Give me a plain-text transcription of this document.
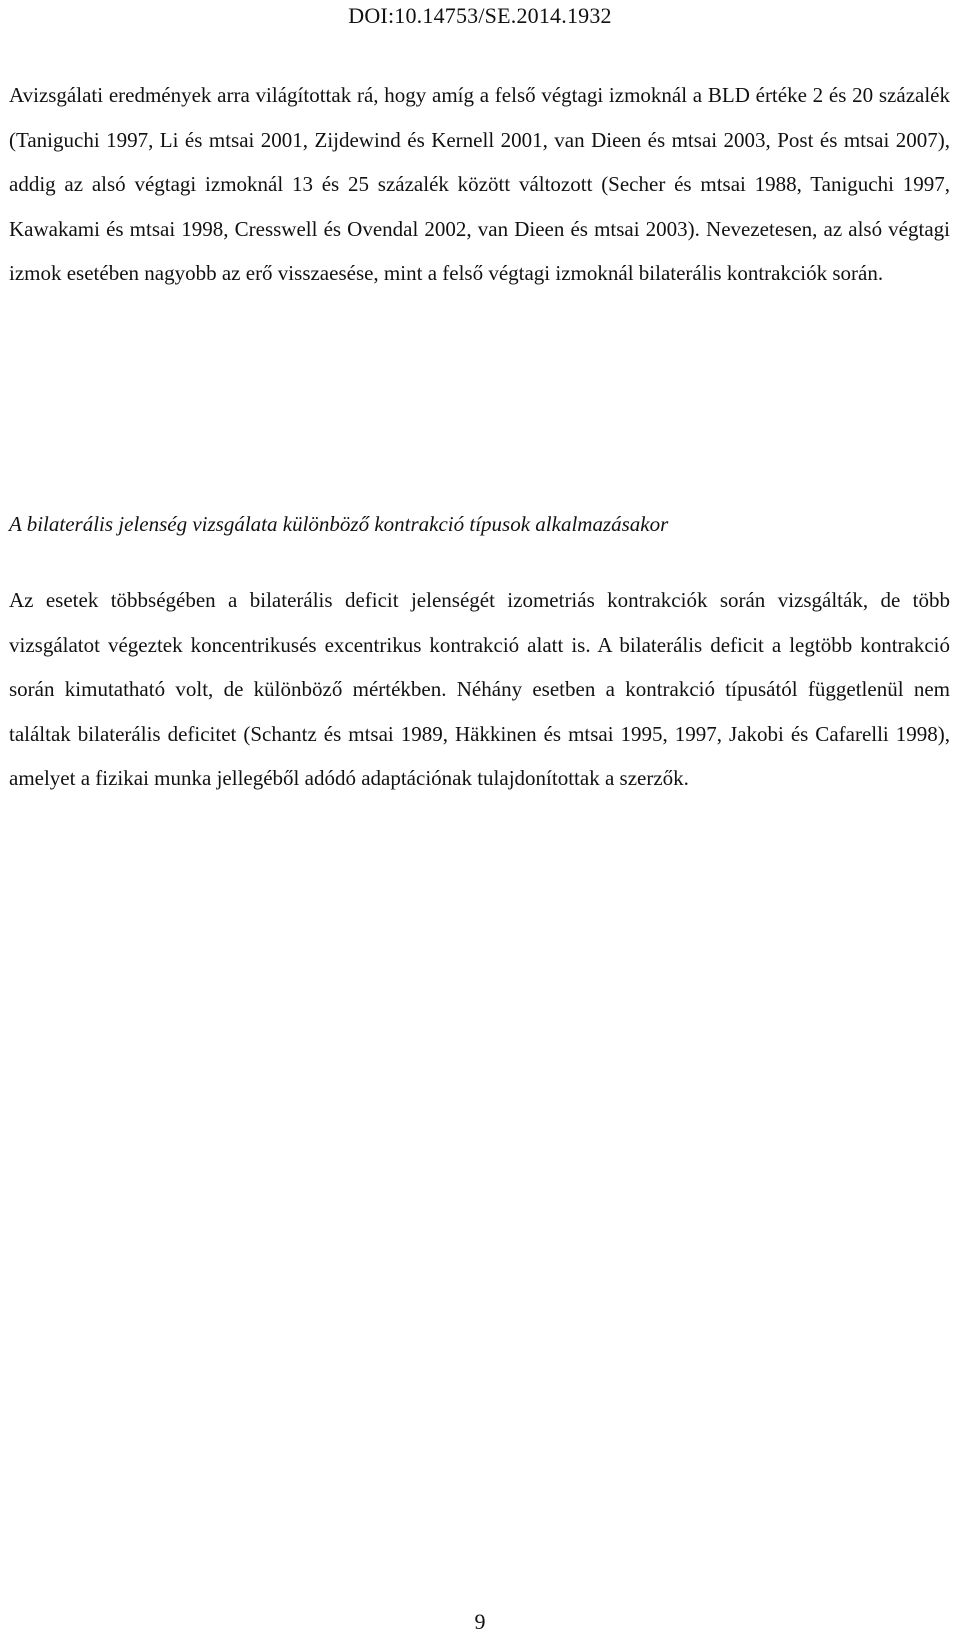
DOI:10.14753/SE.2014.1932

Avizsgálati eredmények arra világítottak rá, hogy amíg a felső végtagi izmoknál a BLD értéke 2 és 20 százalék (Taniguchi 1997, Li és mtsai 2001, Zijdewind és Kernell 2001, van Dieen és mtsai 2003, Post és mtsai 2007), addig az alsó végtagi izmoknál 13 és 25 százalék között változott (Secher és mtsai 1988, Taniguchi 1997, Kawakami és mtsai 1998, Cresswell és Ovendal 2002, van Dieen és mtsai 2003). Nevezetesen, az alsó végtagi izmok esetében nagyobb az erő visszaesése, mint a felső végtagi izmoknál bilaterális kontrakciók során.

A bilaterális jelenség vizsgálata különböző kontrakció típusok alkalmazásakor

Az esetek többségében a bilaterális deficit jelenségét izometriás kontrakciók során vizsgálták, de több vizsgálatot végeztek koncentrikusés excentrikus kontrakció alatt is. A bilaterális deficit a legtöbb kontrakció során kimutatható volt, de különböző mértékben. Néhány esetben a kontrakció típusától függetlenül nem találtak bilaterális deficitet (Schantz és mtsai 1989, Häkkinen és mtsai 1995, 1997, Jakobi és Cafarelli 1998), amelyet a fizikai munka jellegéből adódó adaptációnak tulajdonítottak a szerzők.

9
